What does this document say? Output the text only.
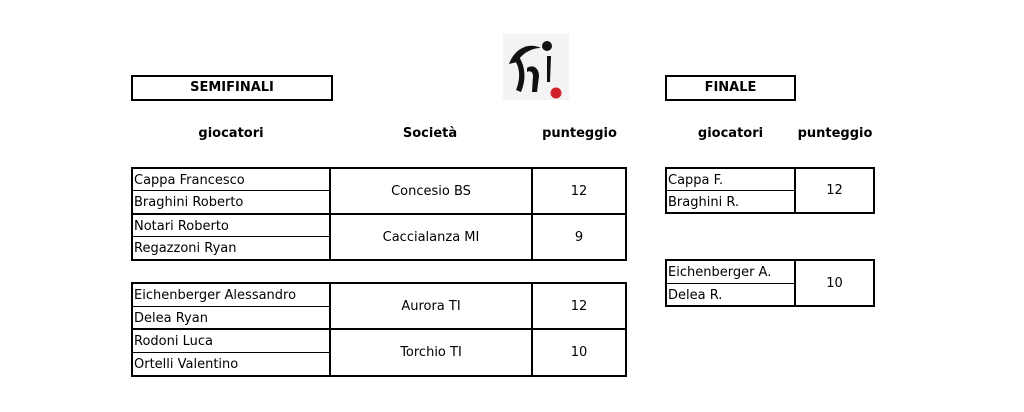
SEMIFINALI	FINALE
giocatori	Società	punteggio	giocatori	punteggio
Cappa Francesco
Braghini Roberto
Concesio BS	12
Notari Roberto
Regazzoni Ryan
Caccialanza MI	9
Eichenberger Alessandro
Delea Ryan
Aurora TI	12
Rodoni Luca
Ortelli Valentino
Torchio TI	10
Cappa F.
Braghini R.
12
Eichenberger A.
Delea R.
10
